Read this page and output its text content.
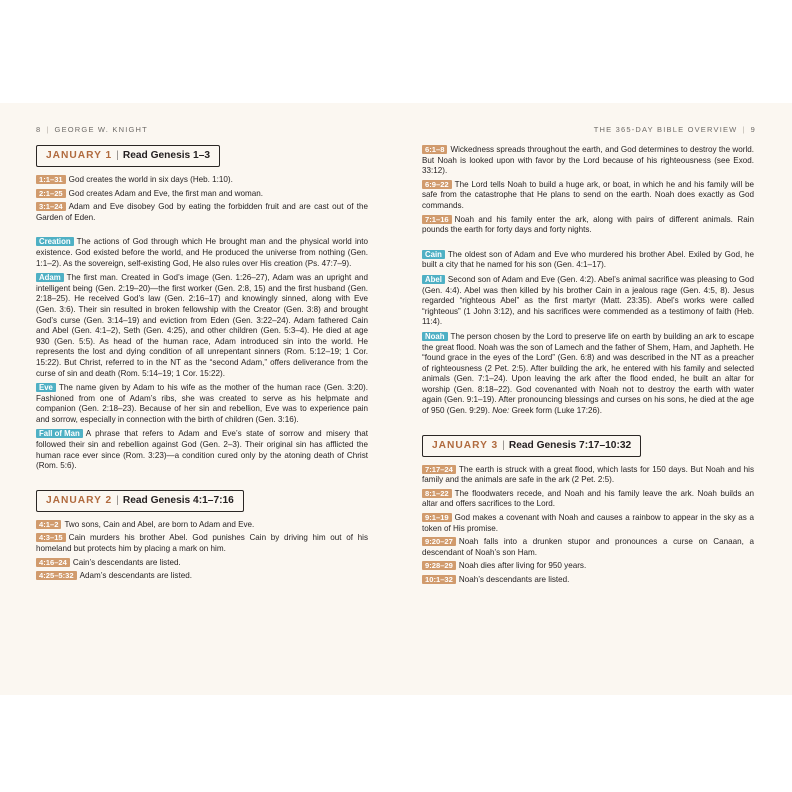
8 | GEORGE W. KNIGHT	THE 365-DAY BIBLE OVERVIEW | 9
JANUARY 1 | Read Genesis 1–3

1:1–31 God creates the world in six days (Heb. 1:10).

2:1–25 God creates Adam and Eve, the first man and woman.

3:1–24 Adam and Eve disobey God by eating the forbidden fruit and are cast out of the Garden of Eden.

Creation The actions of God through which He brought man and the physical world into existence. God existed before the world, and He produced the universe from nothing (Gen. 1:1–2). As the sovereign, self-existing God, He also rules over His creation (Ps. 47:7–9).

Adam The first man. Created in God’s image (Gen. 1:26–27), Adam was an upright and intelligent being (Gen. 2:19–20)—the first worker (Gen. 2:8, 15) and the first husband (Gen. 2:18–25). He received God’s law (Gen. 2:16–17) and knowingly sinned, along with Eve (Gen. 3:6). Their sin resulted in broken fellowship with the Creator (Gen. 3:8) and brought God’s curse (Gen. 3:14–19) and eviction from Eden (Gen. 3:22–24). Adam fathered Cain and Abel (Gen. 4:1–2), Seth (Gen. 4:25), and other children (Gen. 5:3–4). He died at age 930 (Gen. 5:5). As head of the human race, Adam introduced sin into the world. He represents the lost and dying condition of all unrepentant sinners (Rom. 5:12–19; 1 Cor. 15:22). But Christ, referred to in the NT as the “second Adam,” offers deliverance from the curse of sin and death (Rom. 5:14–19; 1 Cor. 15:22).

Eve The name given by Adam to his wife as the mother of the human race (Gen. 3:20). Fashioned from one of Adam’s ribs, she was created to serve as his helpmate and companion (Gen. 2:18–23). Because of her sin and rebellion, Eve was to experience pain and sorrow, especially in connection with the birth of children (Gen. 3:16).

Fall of Man A phrase that refers to Adam and Eve’s state of sorrow and misery that followed their sin and rebellion against God (Gen. 2–3). Their original sin has afflicted the human race ever since (Rom. 3:23)—a condition cured only by the atoning death of Christ (Rom. 5:6).

JANUARY 2 | Read Genesis 4:1–7:16

4:1–2 Two sons, Cain and Abel, are born to Adam and Eve.

4:3–15 Cain murders his brother Abel. God punishes Cain by driving him out of his homeland but protects him by placing a mark on him.

4:16–24 Cain’s descendants are listed.

4:25–5:32 Adam’s descendants are listed.

6:1–8 Wickedness spreads throughout the earth, and God determines to destroy the world. But Noah is looked upon with favor by the Lord because of his righteousness (see Exod. 33:12).

6:9–22 The Lord tells Noah to build a huge ark, or boat, in which he and his family will be safe from the catastrophe that He plans to send on the earth. Noah does exactly as God commands.

7:1–16 Noah and his family enter the ark, along with pairs of different animals. Rain pounds the earth for forty days and forty nights.

Cain The oldest son of Adam and Eve who murdered his brother Abel. Exiled by God, he built a city that he named for his son (Gen. 4:1–17).

Abel Second son of Adam and Eve (Gen. 4:2). Abel’s animal sacrifice was pleasing to God (Gen. 4:4). Abel was then killed by his brother Cain in a jealous rage (Gen. 4:5, 8). Jesus regarded “righteous Abel” as the first martyr (Matt. 23:35). Abel’s works were called “righteous” (1 John 3:12), and his sacrifices were commended as a testimony of faith (Heb. 11:4).

Noah The person chosen by the Lord to preserve life on earth by building an ark to escape the great flood. Noah was the son of Lamech and the father of Shem, Ham, and Japheth. He “found grace in the eyes of the Lord” (Gen. 6:8) and was described in the NT as a preacher of righteousness (2 Pet. 2:5). After building the ark, he entered with his family and selected animals (Gen. 7:1–24). Upon leaving the ark after the flood ended, he built an altar for worship (Gen. 8:18–22). God covenanted with Noah not to destroy the earth with water again (Gen. 9:1–19). After pronouncing blessings and curses on his sons, he died at the age of 950 (Gen. 9:29). Noe: Greek form (Luke 17:26).

JANUARY 3 | Read Genesis 7:17–10:32

7:17–24 The earth is struck with a great flood, which lasts for 150 days. But Noah and his family and the animals are safe in the ark (2 Pet. 2:5).

8:1–22 The floodwaters recede, and Noah and his family leave the ark. Noah builds an altar and offers sacrifices to the Lord.

9:1–19 God makes a covenant with Noah and causes a rainbow to appear in the sky as a token of His promise.

9:20–27 Noah falls into a drunken stupor and pronounces a curse on Canaan, a descendant of Noah’s son Ham.

9:28–29 Noah dies after living for 950 years.

10:1–32 Noah’s descendants are listed.
